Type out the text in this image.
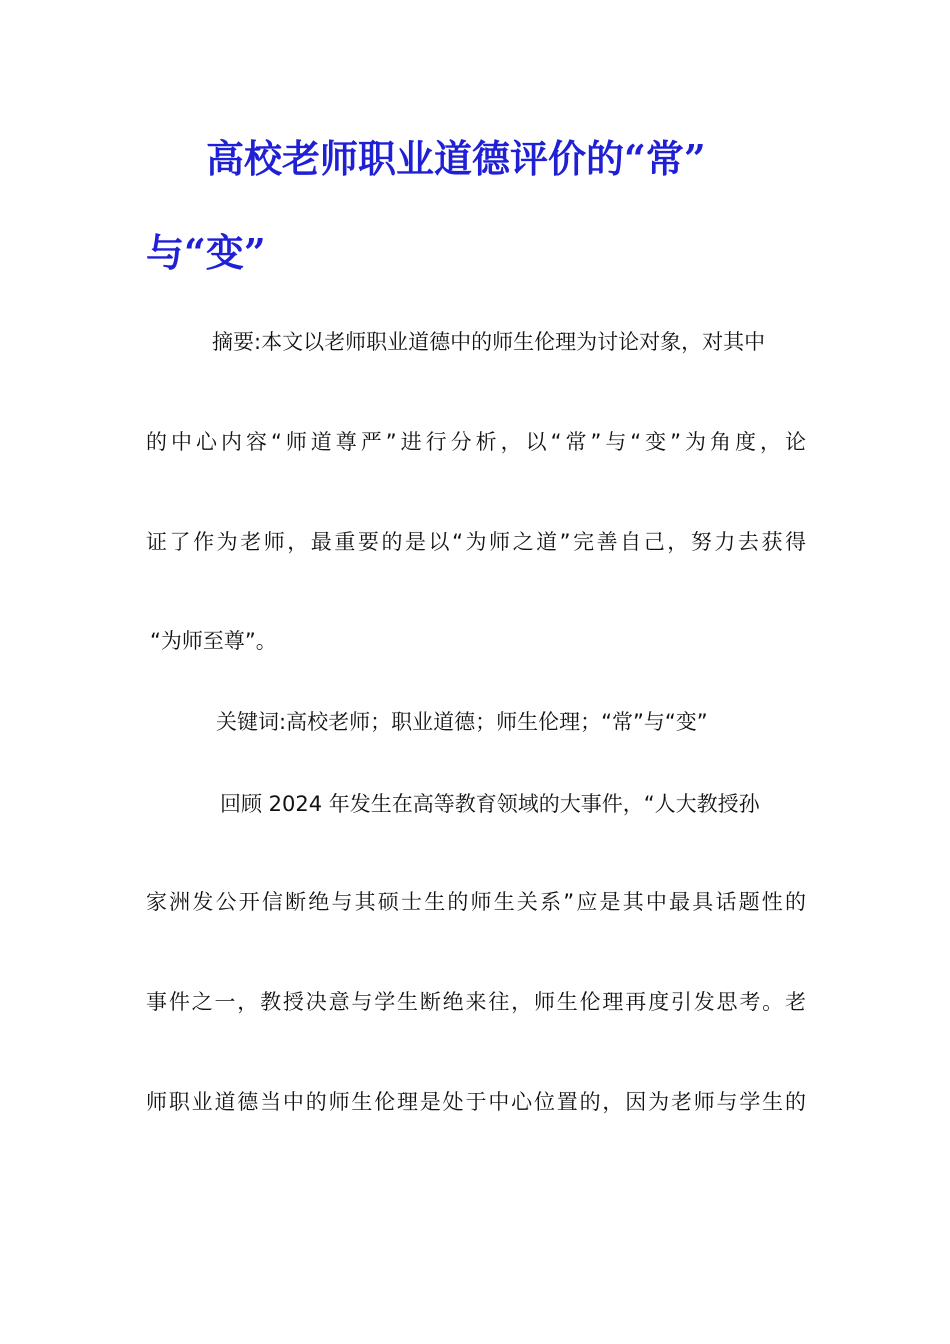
高校老师职业道德评价的“常”
与“变”

摘要:本文以老师职业道德中的师生伦理为讨论对象，对其中

的中心内容“师道尊严”进行分析，以“常”与“变”为角度，论

证了作为老师，最重要的是以“为师之道”完善自己，努力去获得

“为师至尊”。

关键词:高校老师；职业道德；师生伦理；“常”与“变”

回顾 2024 年发生在高等教育领域的大事件，“人大教授孙

家洲发公开信断绝与其硕士生的师生关系”应是其中最具话题性的

事件之一，教授决意与学生断绝来往，师生伦理再度引发思考。老

师职业道德当中的师生伦理是处于中心位置的，因为老师与学生的
